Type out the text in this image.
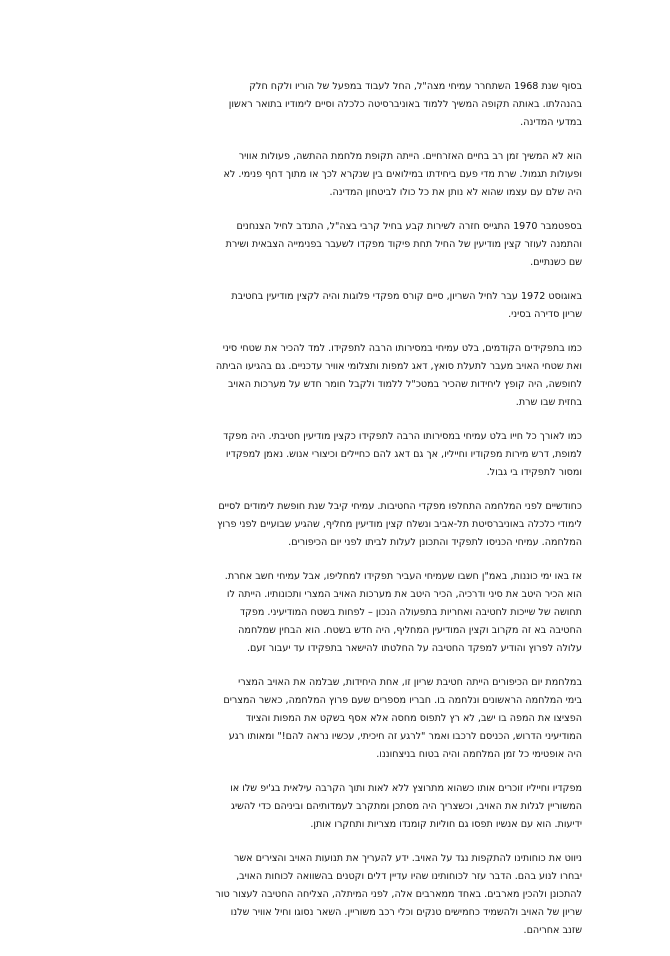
בסוף שנת 1968 השתחרר עמיחי מצה"ל, החל לעבוד במפעל של הוריו ולקח חלק
בהנהלתו. באותה תקופה המשיך ללמוד באוניברסיטה כלכלה וסיים לימודיו בתואר ראשון
במדעי המדינה.

הוא לא המשיך זמן רב בחיים האזרחיים. הייתה תקופת מלחמת ההתשה, פעולות אוויר
ופעולות תגמול. שרת מדי פעם ביחידתו במילואים בין שנקרא לכך או מתוך דחף פנימי. לא
היה שלם עם עצמו שהוא לא נותן את כל כולו לביטחון המדינה.

בספטמבר 1970 התגייס חזרה לשירות קבע בחיל קרבי בצה"ל, התנדב לחיל הצנחנים
והתמנה לעוזר קצין מודיעין של החיל תחת פיקוד מפקדו לשעבר בפנימייה הצבאית ושירת
שם כשנתיים.

באוגוסט 1972 עבר לחיל השריון, סיים קורס מפקדי פלוגות והיה לקצין מודיעין בחטיבת
שריון סדירה בסיני.

כמו בתפקידים הקודמים, בלט עמיחי במסירותו הרבה לתפקידו. למד להכיר את שטחי סיני
ואת שטחי האויב מעבר לתעלת סואץ, דאג למפות ותצלומי אוויר עדכניים. גם בהגיעו הביתה
לחופשה, היה קופץ ליחידות שהכיר במטכ"ל ללמוד ולקבל חומר חדש על מערכות האויב
בחזית שבו שרת.

כמו לאורך כל חייו בלט עמיחי במסירותו הרבה לתפקידו כקצין מודיעין חטיבתי. היה מפקד
למופת, דרש מירות מפקודיו וחייליו, אך גם דאג להם כחיילים וכיצורי אנוש. נאמן למפקדיו
ומסור לתפקידו בי גבול.

כחודשיים לפני המלחמה התחלפו מפקדי החטיבות. עמיחי קיבל שנת חופשת לימודים לסיים
לימודי כלכלה באוניברסיטת תל-אביב ונשלח קצין מודיעין מחליף, שהגיע שבועיים לפני פרוץ
המלחמה. עמיחי הכניסו לתפקיד והתכונן לעלות לביתו לפני יום הכיפורים.

אז באו ימי כוננות, באמ"ן חשבו שעמיחי העביר תפקידו למחליפו, אבל עמיחי חשב אחרת.
הוא הכיר היטב את סיני ודרכיה, הכיר היטב את מערכות האויב המצרי ותכונותיו. הייתה לו
תחושה של שייכות לחטיבה ואחריות בתפעולה הנכון – לפחות בשטח המודיעיני. מפקד
החטיבה בא זה מקרוב וקצין המודיעין המחליף, היה חדש בשטח. הוא הבחין שמלחמה
עלולה לפרוץ והודיע למפקד החטיבה על החלטתו להישאר בתפקידו עד יעבור זעם.

במלחמת יום הכיפורים הייתה חטיבת שריון זו, אחת היחידות, שבלמה את האויב המצרי
בימי המלחמה הראשונים ונלחמה בו. חבריו מספרים שעם פרוץ המלחמה, כאשר המצרים
הפציצו את המפה בו ישב, לא רץ לתפוס מחסה אלא אסף בשקט את המפות והציוד
המודיעיני הדרוש, הכניסם לרכבו ואמר "לרגע זה חיכיתי, עכשיו נראה להם!" ומאותו רגע
היה אופטימי כל זמן המלחמה והיה בטוח בניצחוננו.

מפקדיו וחייליו זוכרים אותו כשהוא מתרוצץ ללא לאות ותוך הקרבה עילאית בג'יפ שלו או
המשוריין לגלות את האויב, וכשצריך היה מסתכן ומתקרב לעמדותיהם וביניהם כדי להשיג
ידיעות. הוא עם אנשיו תפסו גם חוליות קומנדו מצריות ותחקרו אותן.

ניווט את כוחותינו להתקפות נגד על האויב. ידע להעריך את תנועות האויב והצירים אשר
יבחרו לנוע בהם. הדבר עזר לכוחותינו שהיו עדיין דלים וקטנים בהשוואה לכוחות האויב,
להתכונן ולהכין מארבים. באחד ממארבים אלה, לפני המיתלה, הצליחה החטיבה לעצור טור
שריון של האויב ולהשמיד כחמישים טנקים וכלי רכב משוריין. השאר נסוגו וחיל אוויר שלנו
שזנב אחריהם.
